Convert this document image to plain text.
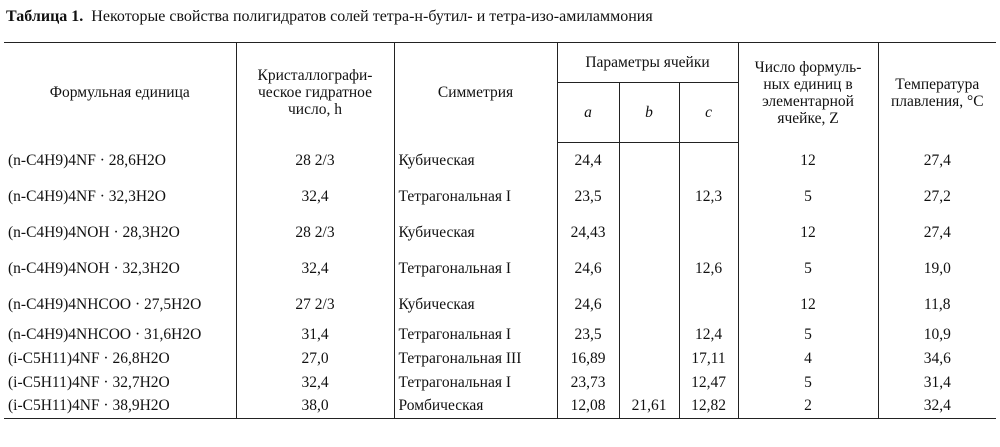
Таблица 1. Некоторые свойства полигидратов солей тетра-н-бутил- и тетра-изо-амиламмония
Формульная единица	Кристаллографи-ческое гидратное число, h	Симметрия	Параметры ячейки			Число формуль-ных единиц в элементарной ячейке, Z	Температура плавления, °С
			a	b	c		
(n-C4H9)4NF · 28,6H2O	28 2/3	Кубическая	24,4			12	27,4
(n-C4H9)4NF · 32,3H2O	32,4	Тетрагональная I	23,5		12,3	5	27,2
(n-C4H9)4NOH · 28,3H2O	28 2/3	Кубическая	24,43			12	27,4
(n-C4H9)4NOH · 32,3H2O	32,4	Тетрагональная I	24,6		12,6	5	19,0
(n-C4H9)4NHCOO · 27,5H2O	27 2/3	Кубическая	24,6			12	11,8
(n-C4H9)4NHCOO · 31,6H2O	31,4	Тетрагональная I	23,5		12,4	5	10,9
(i-C5H11)4NF · 26,8H2O	27,0	Тетрагональная III	16,89		17,11	4	34,6
(i-C5H11)4NF · 32,7H2O	32,4	Тетрагональная I	23,73		12,47	5	31,4
(i-C5H11)4NF · 38,9H2O	38,0	Ромбическая	12,08	21,61	12,82	2	32,4
